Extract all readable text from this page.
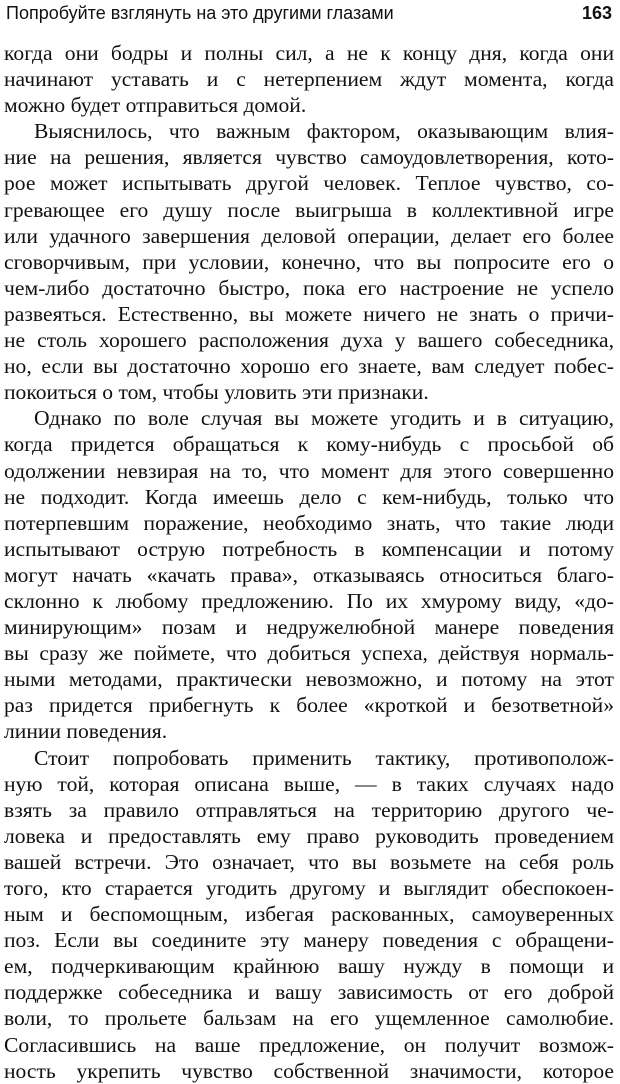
Попробуйте взглянуть на это другими глазами	163
когда они бодры и полны сил, а не к концу дня, когда они
начинают уставать и с нетерпением ждут момента, когда
можно будет отправиться домой.
Выяснилось, что важным фактором, оказывающим влия-
ние на решения, является чувство самоудовлетворения, кото-
рое может испытывать другой человек. Теплое чувство, со-
гревающее его душу после выигрыша в коллективной игре
или удачного завершения деловой операции, делает его более
сговорчивым, при условии, конечно, что вы попросите его о
чем-либо достаточно быстро, пока его настроение не успело
развеяться. Естественно, вы можете ничего не знать о причи-
не столь хорошего расположения духа у вашего собеседника,
но, если вы достаточно хорошо его знаете, вам следует побес-
покоиться о том, чтобы уловить эти признаки.
Однако по воле случая вы можете угодить и в ситуацию,
когда придется обращаться к кому-нибудь с просьбой об
одолжении невзирая на то, что момент для этого совершенно
не подходит. Когда имеешь дело с кем-нибудь, только что
потерпевшим поражение, необходимо знать, что такие люди
испытывают острую потребность в компенсации и потому
могут начать «качать права», отказываясь относиться благо-
склонно к любому предложению. По их хмурому виду, «до-
минирующим» позам и недружелюбной манере поведения
вы сразу же поймете, что добиться успеха, действуя нормаль-
ными методами, практически невозможно, и потому на этот
раз придется прибегнуть к более «кроткой и безответной»
линии поведения.
Стоит попробовать применить тактику, противополож-
ную той, которая описана выше, — в таких случаях надо
взять за правило отправляться на территорию другого че-
ловека и предоставлять ему право руководить проведением
вашей встречи. Это означает, что вы возьмете на себя роль
того, кто старается угодить другому и выглядит обеспокоен-
ным и беспомощным, избегая раскованных, самоуверенных
поз. Если вы соедините эту манеру поведения с обращени-
ем, подчеркивающим крайнюю вашу нужду в помощи и
поддержке собеседника и вашу зависимость от его доброй
воли, то прольете бальзам на его ущемленное самолюбие.
Согласившись на ваше предложение, он получит возмож-
ность укрепить чувство собственной значимости, которое
